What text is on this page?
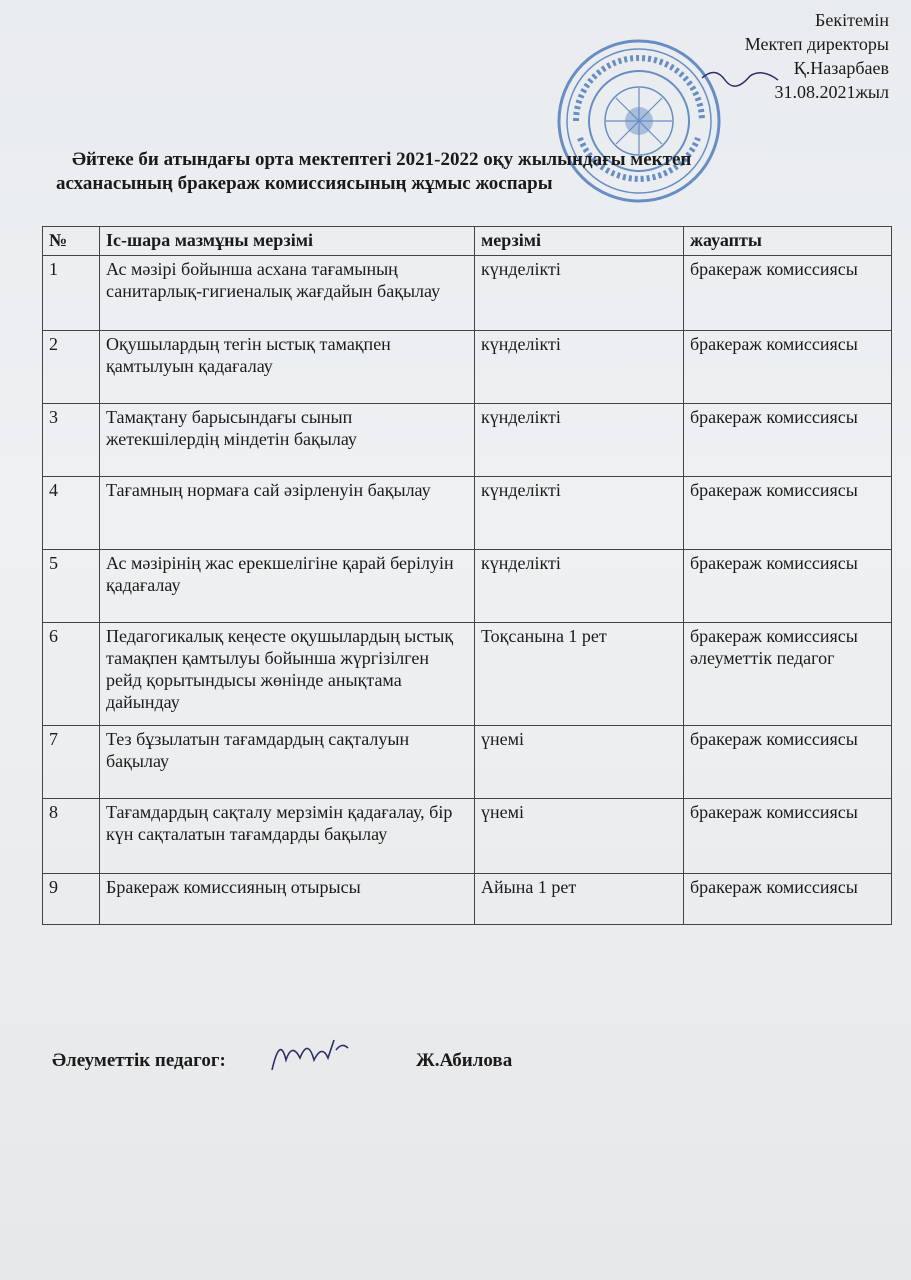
Бекітемін
Мектеп директоры
Қ.Назарбаев
31.08.2021жыл
Әйтеке би атындағы орта мектептегі 2021-2022 оқу жылындағы мектеп
асханасының бракераж комиссиясының жұмыс жоспары
№	Іс-шара мазмұны мерзімі	мерзімі	жауапты
1	Ас мәзірі бойынша асхана тағамының санитарлық-гигиеналық жағдайын бақылау	күнделікті	бракераж комиссиясы
2	Оқушылардың тегін ыстық тамақпен қамтылуын қадағалау	күнделікті	бракераж комиссиясы
3	Тамақтану барысындағы сынып жетекшілердің міндетін бақылау	күнделікті	бракераж комиссиясы
4	Тағамның нормаға сай әзірленуін бақылау	күнделікті	бракераж комиссиясы
5	Ас мәзірінің жас ерекшелігіне қарай берілуін қадағалау	күнделікті	бракераж комиссиясы
6	Педагогикалық кеңесте оқушылардың ыстық тамақпен қамтылуы бойынша жүргізілген рейд қорытындысы жөнінде анықтама дайындау	Тоқсанына 1 рет	бракераж комиссиясы әлеуметтік педагог
7	Тез бұзылатын тағамдардың сақталуын бақылау	үнемі	бракераж комиссиясы
8	Тағамдардың сақталу мерзімін қадағалау, бір күн сақталатын тағамдарды бақылау	үнемі	бракераж комиссиясы
9	Бракераж комиссияның отырысы	Айына 1 рет	бракераж комиссиясы
Әлеуметтік педагог:	Ж.Абилова
